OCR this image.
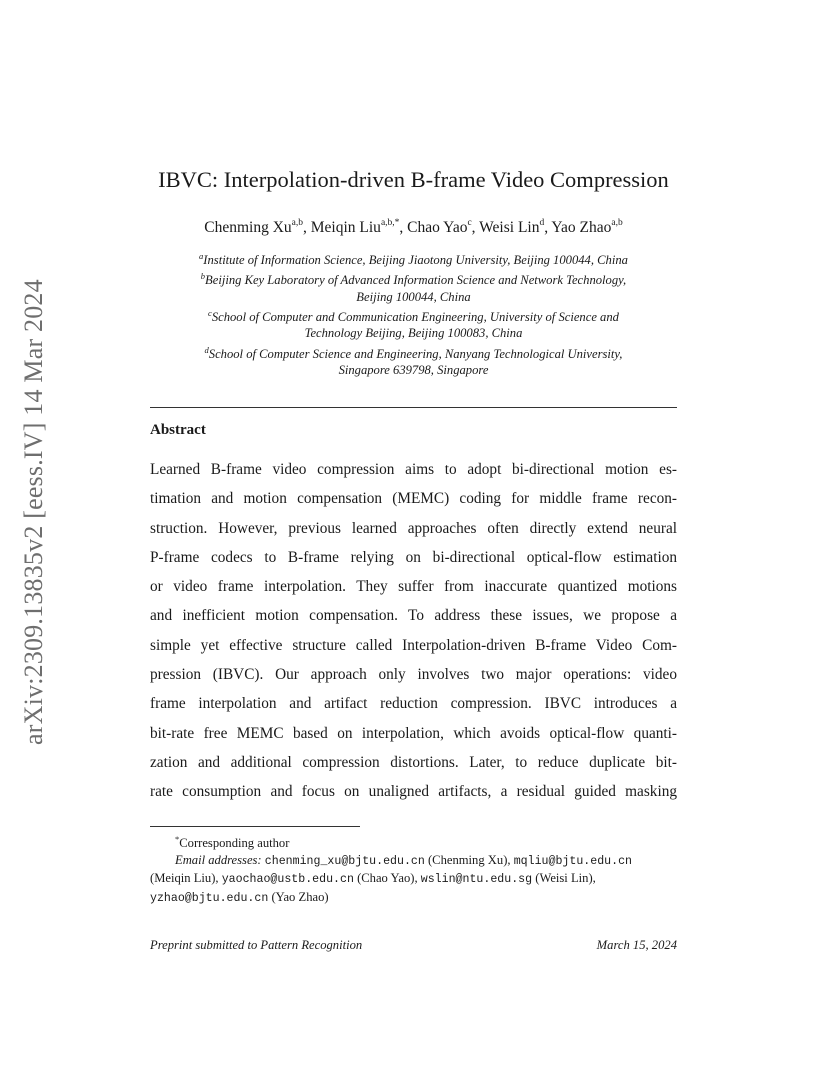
arXiv:2309.13835v2 [eess.IV] 14 Mar 2024
IBVC: Interpolation-driven B-frame Video Compression
Chenming Xu$^{a,b}$, Meiqin Liu$^{a,b,*}$, Chao Yao$^c$, Weisi Lin$^d$, Yao Zhao$^{a,b}$
$^a$Institute of Information Science, Beijing Jiaotong University, Beijing 100044, China
$^b$Beijing Key Laboratory of Advanced Information Science and Network Technology,
Beijing 100044, China
$^c$School of Computer and Communication Engineering, University of Science and
Technology Beijing, Beijing 100083, China
$^d$School of Computer Science and Engineering, Nanyang Technological University,
Singapore 639798, Singapore
Abstract
Learned B-frame video compression aims to adopt bi-directional motion es-
timation and motion compensation (MEMC) coding for middle frame recon-
struction. However, previous learned approaches often directly extend neural
P-frame codecs to B-frame relying on bi-directional optical-flow estimation
or video frame interpolation. They suffer from inaccurate quantized motions
and inefficient motion compensation. To address these issues, we propose a
simple yet effective structure called Interpolation-driven B-frame Video Com-
pression (IBVC). Our approach only involves two major operations: video
frame interpolation and artifact reduction compression. IBVC introduces a
bit-rate free MEMC based on interpolation, which avoids optical-flow quanti-
zation and additional compression distortions. Later, to reduce duplicate bit-
rate consumption and focus on unaligned artifacts, a residual guided masking
*Corresponding author
Email addresses: chenming_xu@bjtu.edu.cn (Chenming Xu), mqliu@bjtu.edu.cn
(Meiqin Liu), yaochao@ustb.edu.cn (Chao Yao), wslin@ntu.edu.sg (Weisi Lin),
yzhao@bjtu.edu.cn (Yao Zhao)
Preprint submitted to Pattern Recognition	March 15, 2024
